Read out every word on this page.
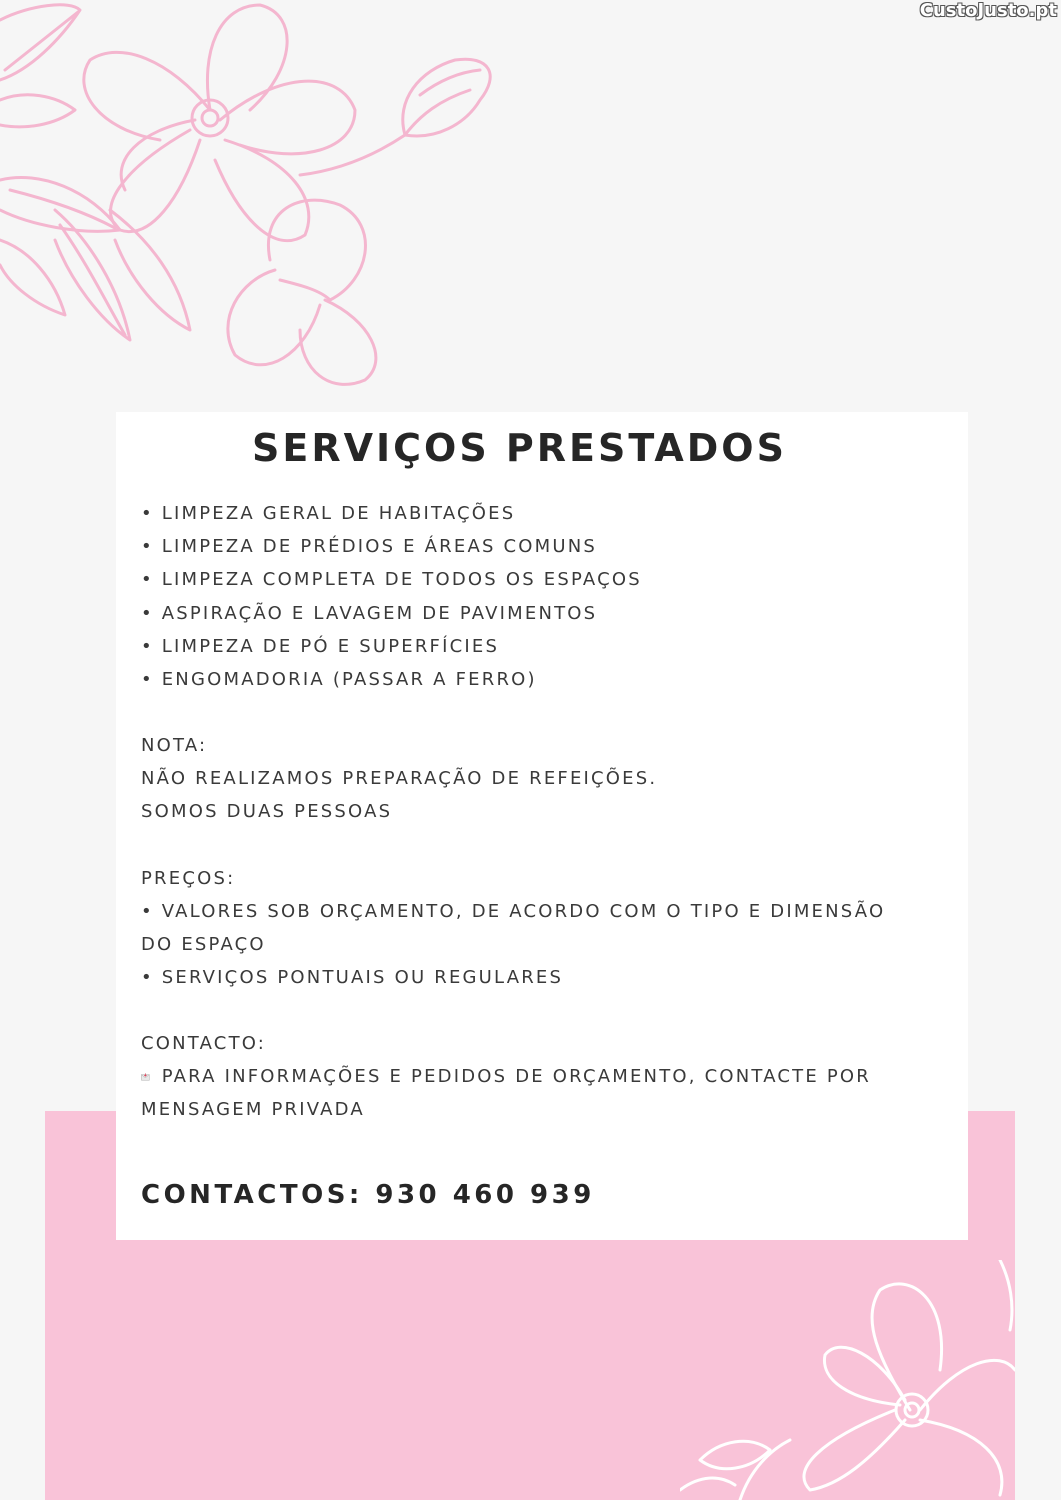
CustoJusto.pt
SERVIÇOS PRESTADOS
• LIMPEZA GERAL DE HABITAÇÕES
• LIMPEZA DE PRÉDIOS E ÁREAS COMUNS
• LIMPEZA COMPLETA DE TODOS OS ESPAÇOS
• ASPIRAÇÃO E LAVAGEM DE PAVIMENTOS
• LIMPEZA DE PÓ E SUPERFÍCIES
• ENGOMADORIA (PASSAR A FERRO)
NOTA:
NÃO REALIZAMOS PREPARAÇÃO DE REFEIÇÕES.
SOMOS DUAS PESSOAS
PREÇOS:
• VALORES SOB ORÇAMENTO, DE ACORDO COM O TIPO E DIMENSÃO
DO ESPAÇO
• SERVIÇOS PONTUAIS OU REGULARES
CONTACTO:
PARA INFORMAÇÕES E PEDIDOS DE ORÇAMENTO, CONTACTE POR
MENSAGEM PRIVADA
CONTACTOS: 930 460 939
